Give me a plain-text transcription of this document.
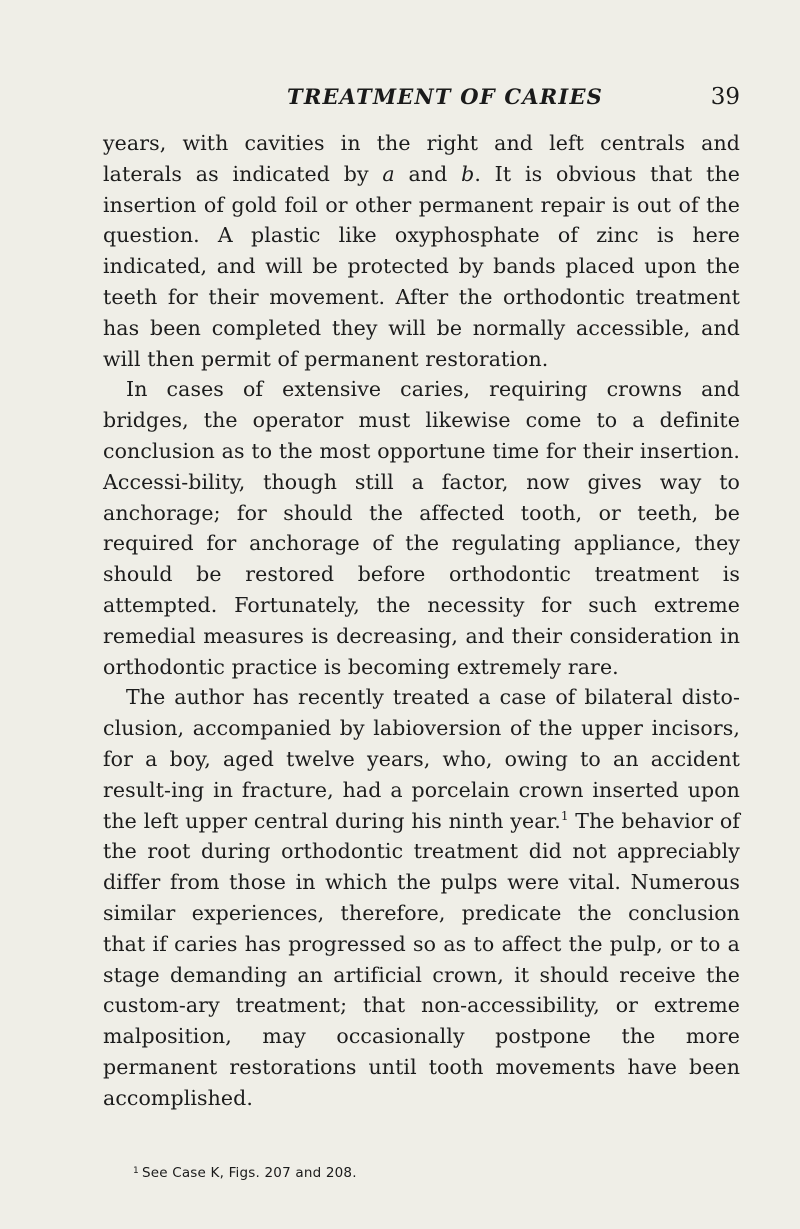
TREATMENT OF CARIES	39

years, with cavities in the right and left centrals and laterals as indicated by a and b. It is obvious that the insertion of gold foil or other permanent repair is out of the question. A plastic like oxyphosphate of zinc is here indicated, and will be protected by bands placed upon the teeth for their movement. After the orthodontic treatment has been completed they will be normally accessible, and will then permit of permanent restoration.

In cases of extensive caries, requiring crowns and bridges, the operator must likewise come to a definite conclusion as to the most opportune time for their insertion. Accessi-bility, though still a factor, now gives way to anchorage; for should the affected tooth, or teeth, be required for anchorage of the regulating appliance, they should be restored before orthodontic treatment is attempted. Fortunately, the necessity for such extreme remedial measures is decreasing, and their consideration in orthodontic practice is becoming extremely rare.

The author has recently treated a case of bilateral disto-clusion, accompanied by labioversion of the upper incisors, for a boy, aged twelve years, who, owing to an accident result-ing in fracture, had a porcelain crown inserted upon the left upper central during his ninth year.$^1$ The behavior of the root during orthodontic treatment did not appreciably differ from those in which the pulps were vital. Numerous similar experiences, therefore, predicate the conclusion that if caries has progressed so as to affect the pulp, or to a stage demanding an artificial crown, it should receive the custom-ary treatment; that non-accessibility, or extreme malposition, may occasionally postpone the more permanent restorations until tooth movements have been accomplished.

$^1$ See Case K, Figs. 207 and 208.
